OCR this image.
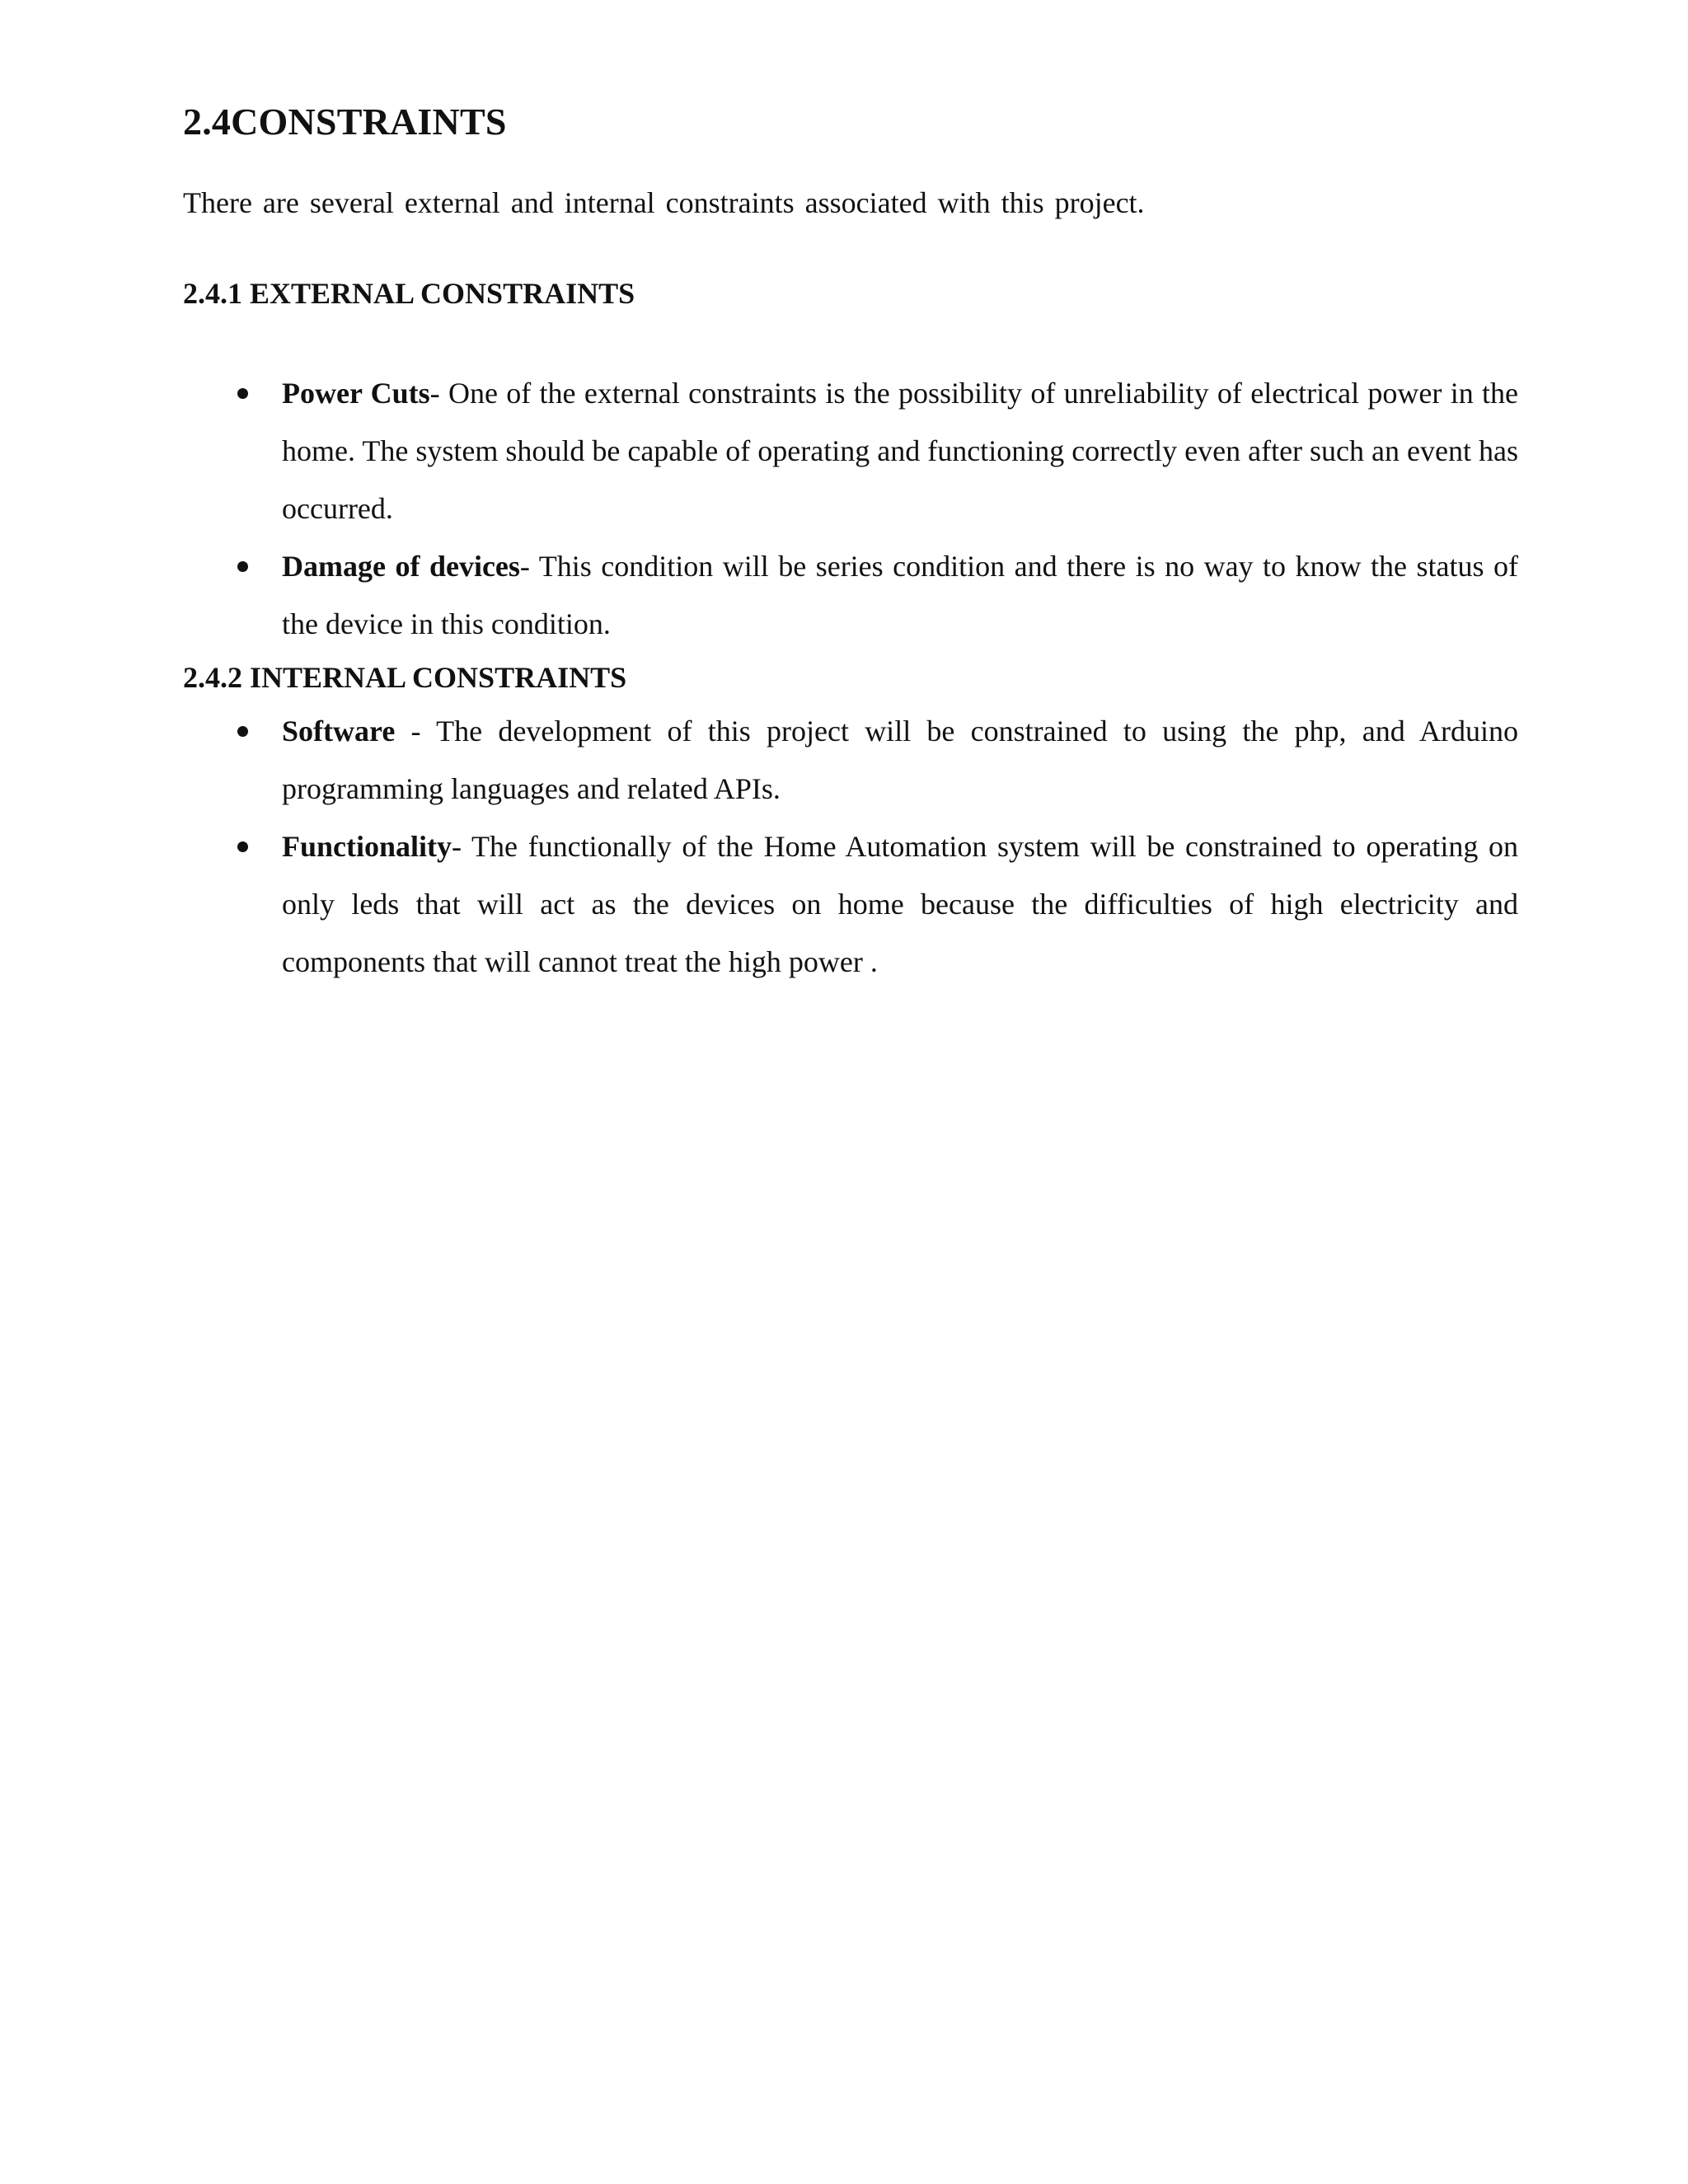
2.4CONSTRAINTS

There are several external and internal constraints associated with this project.

2.4.1 EXTERNAL CONSTRAINTS
Power Cuts- One of the external constraints is the possibility of unreliability of electrical power in the home. The system should be capable of operating and functioning correctly even after such an event has occurred.
Damage of devices- This condition will be series condition and there is no way to know the status of the device in this condition.
2.4.2 INTERNAL CONSTRAINTS
Software - The development of this project will be constrained to using the php, and Arduino programming languages and related APIs.
Functionality- The functionally of the Home Automation system will be constrained to operating on only leds that will act as the devices on home because the difficulties of high electricity and components that will cannot treat the high power .
